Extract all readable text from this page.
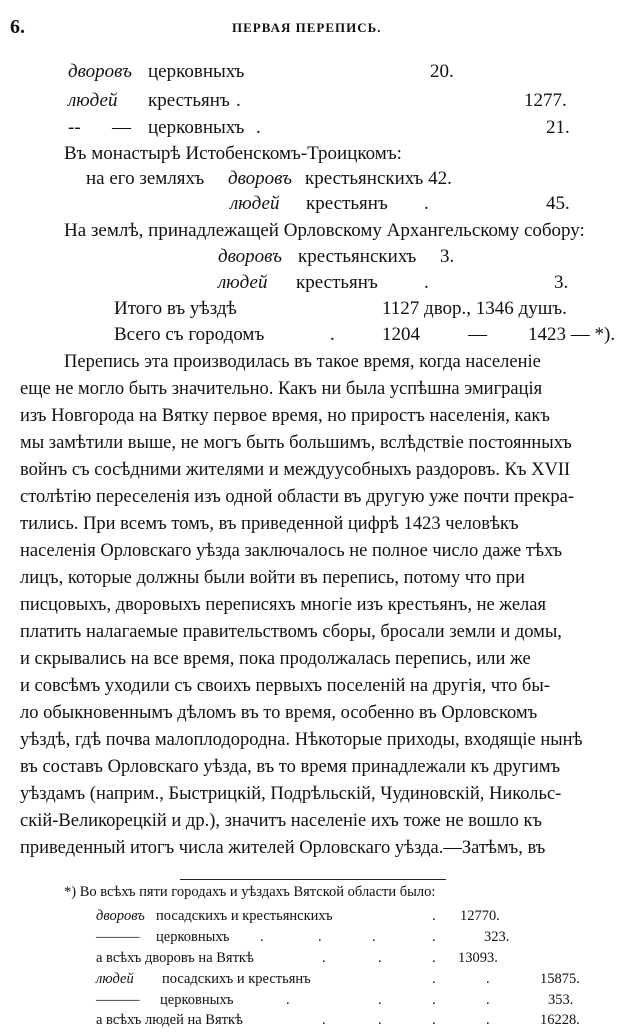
6.	ПЕРВАЯ ПЕРЕПИСЬ.
дворовъ церковныхъ	20.
людей крестьянъ .	1277.
-- — церковныхъ .	21.
Въ монастырѣ Истобенскомъ-Троицкомъ:
на его земляхъ дворовъ крестьянскихъ 42.
людей крестьянъ .	45.
На землѣ, принадлежащей Орловскому Архангельскому собору:
дворовъ крестьянскихъ 3.
людей крестьянъ .	3.
Итого въ уѣздѣ	1127 двор., 1346 душъ.
Всего съ городомъ	. 1204	— 1423 — *).
Перепись эта производилась въ такое время, когда населеніе
еще не могло быть значительно. Какъ ни была успѣшна эмиграція
изъ Новгорода на Вятку первое время, но приростъ населенія, какъ
мы замѣтили выше, не могъ быть большимъ, вслѣдствіе постоянныхъ
войнъ съ сосѣдними жителями и междуусобныхъ раздоровъ. Къ XVII
столѣтію переселенія изъ одной области въ другую уже почти прекра-
тились. При всемъ томъ, въ приведенной цифрѣ 1423 человѣкъ
населенія Орловскаго уѣзда заключалось не полное число даже тѣхъ
лицъ, которые должны были войти въ перепись, потому что при
писцовыхъ, дворовыхъ переписяхъ многіе изъ крестьянъ, не желая
платить налагаемые правительствомъ сборы, бросали земли и домы,
и скрывались на все время, пока продолжалась перепись, или же
и совсѣмъ уходили съ своихъ первыхъ поселеній на другія, что бы-
ло обыкновеннымъ дѣломъ въ то время, особенно въ Орловскомъ
уѣздѣ, гдѣ почва малоплодородна. Нѣкоторые приходы, входящіе нынѣ
въ составъ Орловскаго уѣзда, въ то время принадлежали къ другимъ
уѣздамъ (наприм., Быстрицкій, Подрѣльскій, Чудиновскій, Никольс-
скій-Великорецкій и др.), значитъ населеніе ихъ тоже не вошло къ
приведенный итогъ числа жителей Орловскаго уѣзда.—Затѣмъ, въ
*) Во всѣхъ пяти городахъ и уѣздахъ Вятской области было:
дворовъ посадскихъ и крестьянскихъ	. 12770.
——— церковныхъ .	.	.	.	323.
а всѣхъ дворовъ на Вяткѣ	.	.	. 13093.
людей посадскихъ и крестьянъ	.	.	15875.
——— церковныхъ	.	.	.	.	353.
а всѣхъ людей на Вяткѣ	.	.	.	.	16228.
